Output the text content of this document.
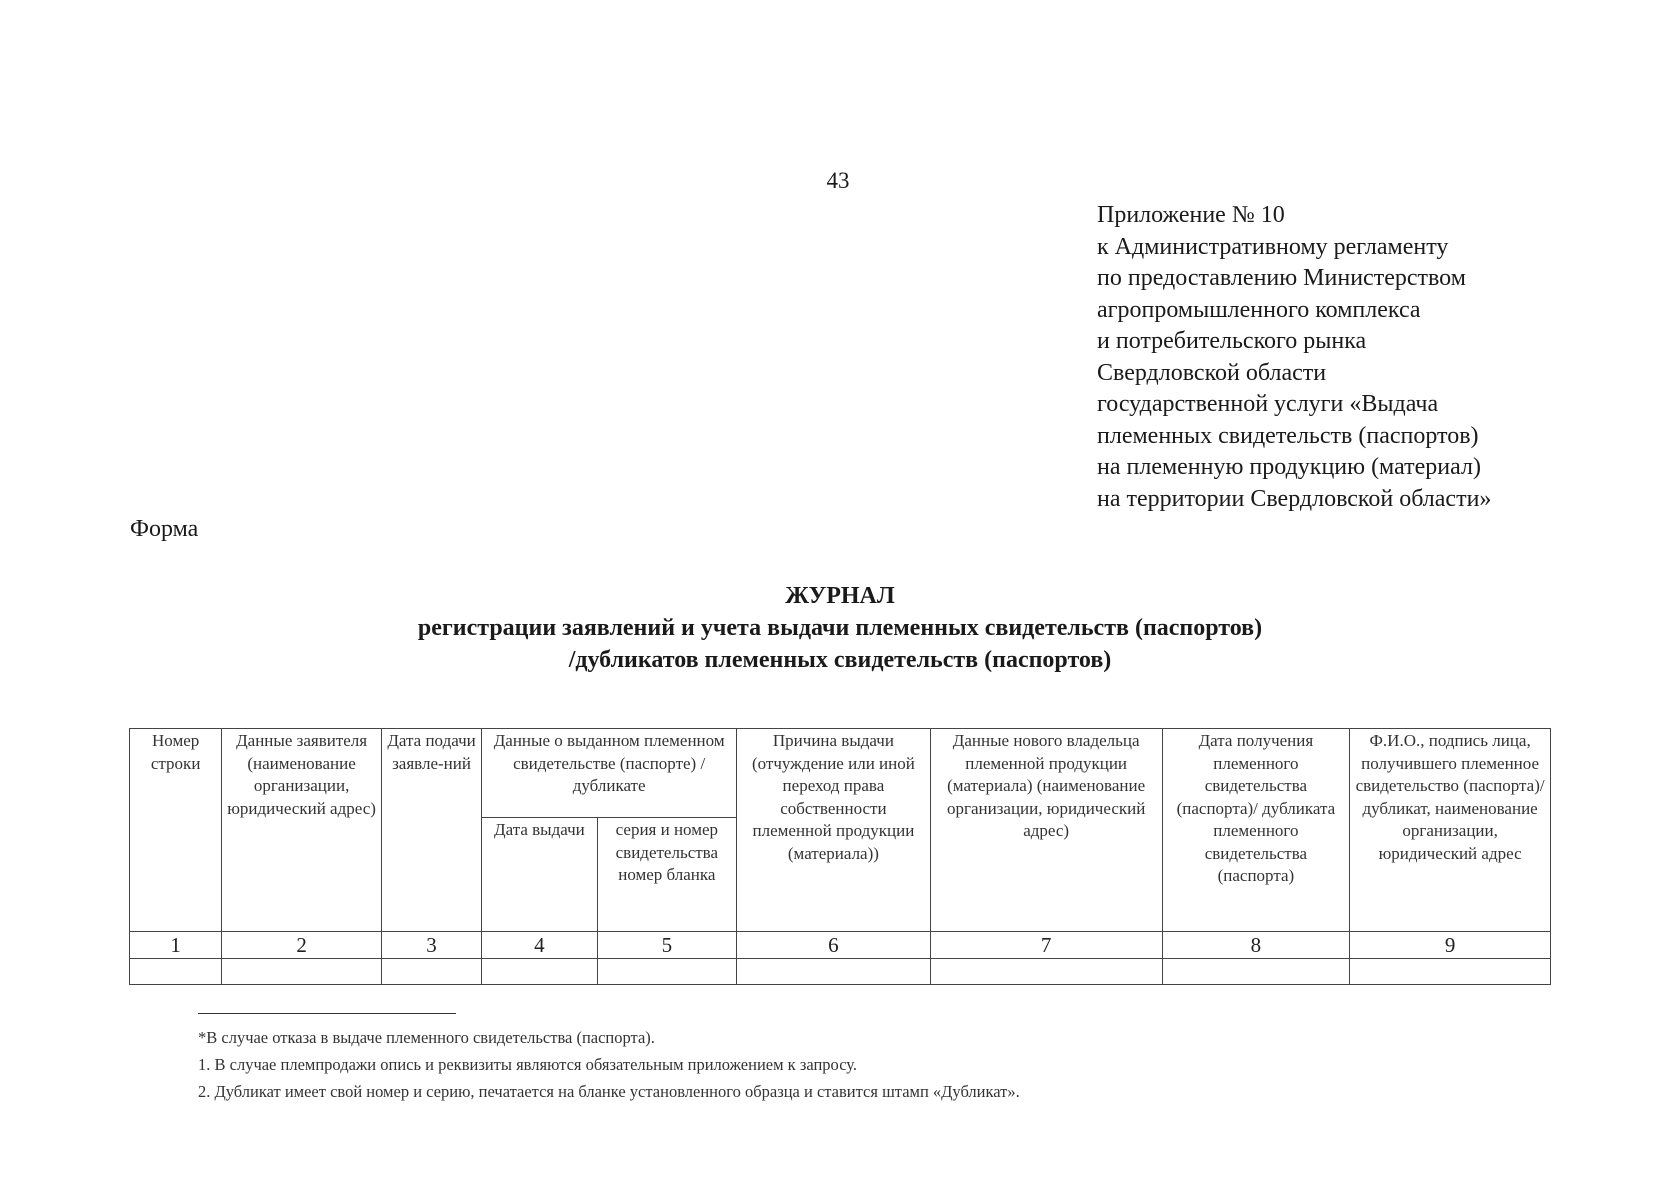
43
Приложение № 10
к Административному регламенту
по предоставлению Министерством
агропромышленного комплекса
и потребительского рынка
Свердловской области
государственной услуги «Выдача
племенных свидетельств (паспортов)
на племенную продукцию (материал)
на территории Свердловской области»
Форма
ЖУРНАЛ
регистрации заявлений и учета выдачи племенных свидетельств (паспортов)
/дубликатов племенных свидетельств (паспортов)
Номер строки	Данные заявителя (наименование организации, юридический адрес)	Дата подачи заявле-ний	Данные о выданном племенном свидетельстве (паспорте) / дубликате		Причина выдачи (отчуждение или иной переход права собственности племенной продукции (материала))	Данные нового владельца племенной продукции (материала) (наименование организации, юридический адрес)	Дата получения племенного свидетельства (паспорта)/ дубликата племенного свидетельства (паспорта)	Ф.И.О., подпись лица, получившего племенное свидетельство (паспорта)/ дубликат, наименование организации, юридический адрес
			Дата выдачи	серия и номер свидетельства номер бланка				
1	2	3	4	5	6	7	8	9

*В случае отказа в выдаче племенного свидетельства (паспорта).
1. В случае племпродажи опись и реквизиты являются обязательным приложением к запросу.
2. Дубликат имеет свой номер и серию, печатается на бланке установленного образца и ставится штамп «Дубликат».
